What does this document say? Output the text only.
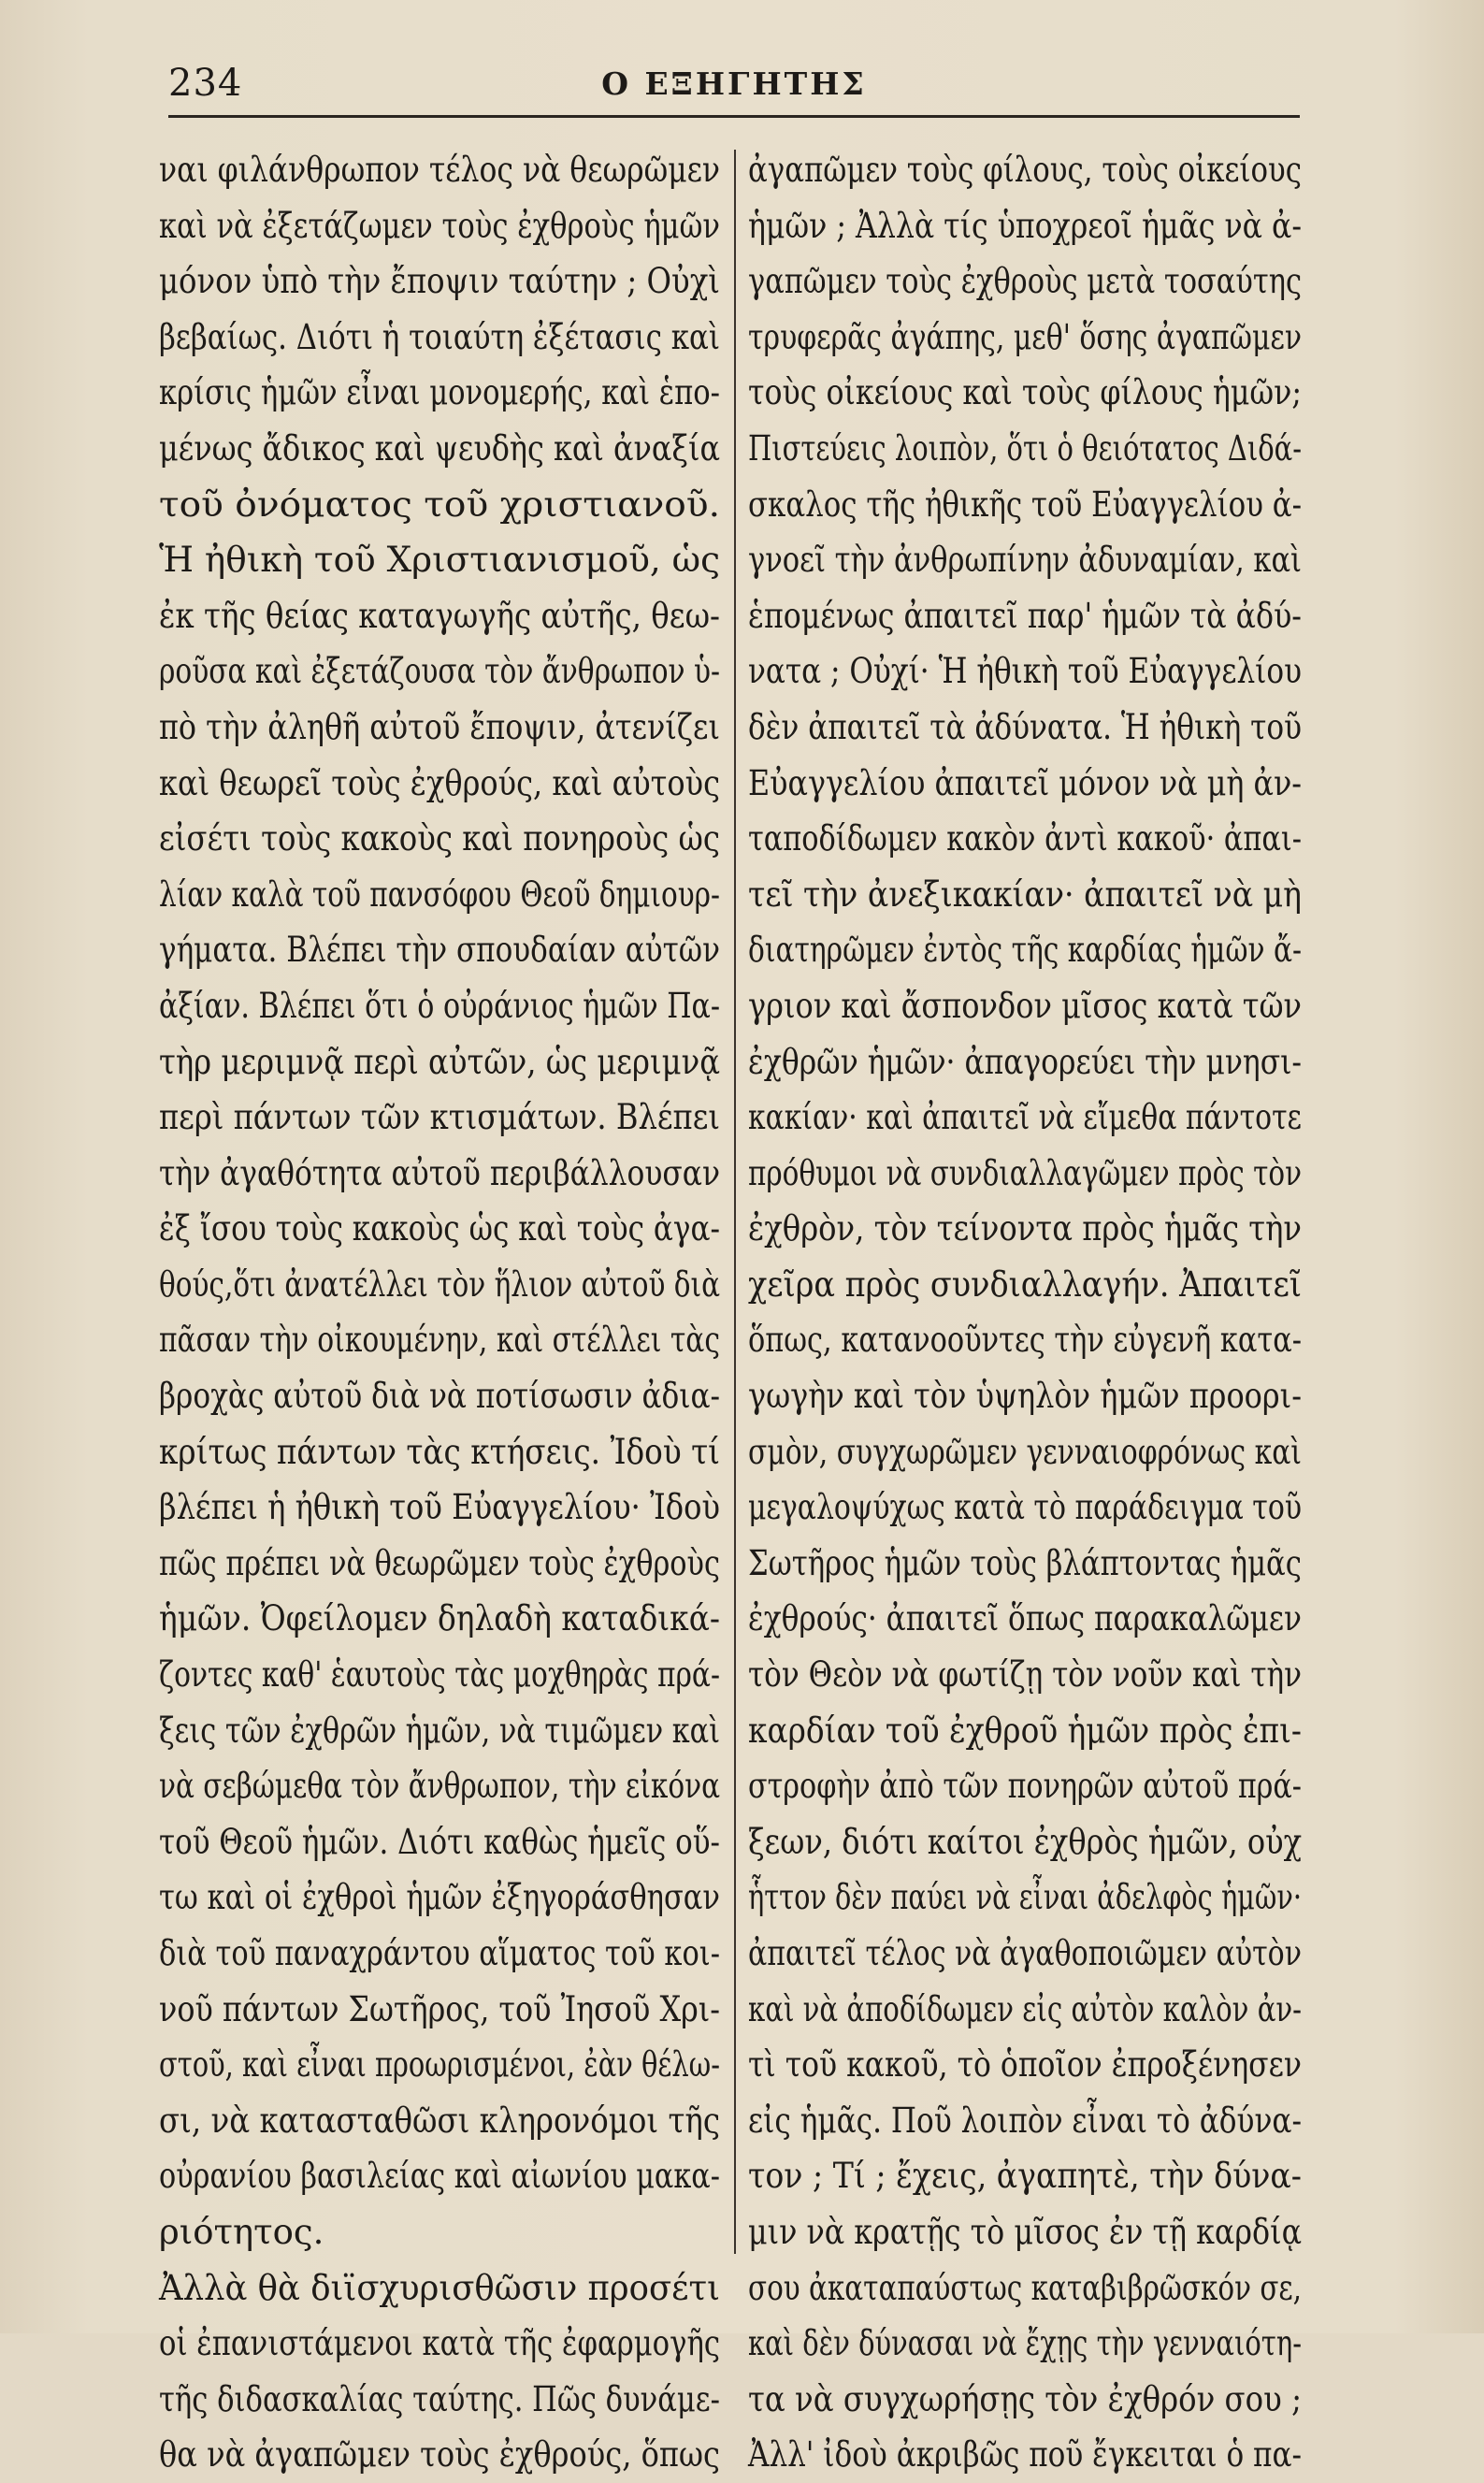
234	Ο ΕΞΗΓΗΤΗΣ
ναι φιλάνθρωπον τέλος νὰ θεωρῶμεν
καὶ νὰ ἐξετάζωμεν τοὺς ἐχθροὺς ἡμῶν
μόνον ὑπὸ τὴν ἔποψιν ταύτην ; Οὐχὶ
βεβαίως. Διότι ἡ τοιαύτη ἐξέτασις καὶ
κρίσις ἡμῶν εἶναι μονομερής, καὶ ἑπο-
μένως ἄδικος καὶ ψευδὴς καὶ ἀναξία
τοῦ ὀνόματος τοῦ χριστιανοῦ.
Ἡ ἠθικὴ τοῦ Χριστιανισμοῦ, ὡς
ἐκ τῆς θείας καταγωγῆς αὐτῆς, θεω-
ροῦσα καὶ ἐξετάζουσα τὸν ἄνθρωπον ὑ-
πὸ τὴν ἀληθῆ αὐτοῦ ἔποψιν, ἀτενίζει
καὶ θεωρεῖ τοὺς ἐχθρούς, καὶ αὐτοὺς
εἰσέτι τοὺς κακοὺς καὶ πονηροὺς ὡς
λίαν καλὰ τοῦ πανσόφου Θεοῦ δημιουρ-
γήματα. Βλέπει τὴν σπουδαίαν αὐτῶν
ἀξίαν. Βλέπει ὅτι ὁ οὐράνιος ἡμῶν Πα-
τὴρ μεριμνᾷ περὶ αὐτῶν, ὡς μεριμνᾷ
περὶ πάντων τῶν κτισμάτων. Βλέπει
τὴν ἀγαθότητα αὐτοῦ περιβάλλουσαν
ἐξ ἴσου τοὺς κακοὺς ὡς καὶ τοὺς ἀγα-
θούς,ὅτι ἀνατέλλει τὸν ἥλιον αὐτοῦ διὰ
πᾶσαν τὴν οἰκουμένην, καὶ στέλλει τὰς
βροχὰς αὐτοῦ διὰ νὰ ποτίσωσιν ἀδια-
κρίτως πάντων τὰς κτήσεις. Ἰδοὺ τί
βλέπει ἡ ἠθικὴ τοῦ Εὐαγγελίου· Ἰδοὺ
πῶς πρέπει νὰ θεωρῶμεν τοὺς ἐχθροὺς
ἡμῶν. Ὀφείλομεν δηλαδὴ καταδικά-
ζοντες καθ' ἑαυτοὺς τὰς μοχθηρὰς πρά-
ξεις τῶν ἐχθρῶν ἡμῶν, νὰ τιμῶμεν καὶ
νὰ σεβώμεθα τὸν ἄνθρωπον, τὴν εἰκόνα
τοῦ Θεοῦ ἡμῶν. Διότι καθὼς ἡμεῖς οὕ-
τω καὶ οἱ ἐχθροὶ ἡμῶν ἐξηγοράσθησαν
διὰ τοῦ παναχράντου αἵματος τοῦ κοι-
νοῦ πάντων Σωτῆρος, τοῦ Ἰησοῦ Χρι-
στοῦ, καὶ εἶναι προωρισμένοι, ἐὰν θέλω-
σι, νὰ κατασταθῶσι κληρονόμοι τῆς
οὐρανίου βασιλείας καὶ αἰωνίου μακα-
ριότητος.
Ἀλλὰ θὰ διϊσχυρισθῶσιν προσέτι
οἱ ἐπανιστάμενοι κατὰ τῆς ἐφαρμογῆς
τῆς διδασκαλίας ταύτης. Πῶς δυνάμε-
θα νὰ ἀγαπῶμεν τοὺς ἐχθρούς, ὅπως
ἀγαπῶμεν τοὺς φίλους, τοὺς οἰκείους
ἡμῶν ; Ἀλλὰ τίς ὑποχρεοῖ ἡμᾶς νὰ ἀ-
γαπῶμεν τοὺς ἐχθροὺς μετὰ τοσαύτης
τρυφερᾶς ἀγάπης, μεθ' ὅσης ἀγαπῶμεν
τοὺς οἰκείους καὶ τοὺς φίλους ἡμῶν;
Πιστεύεις λοιπὸν, ὅτι ὁ θειότατος Διδά-
σκαλος τῆς ἠθικῆς τοῦ Εὐαγγελίου ἀ-
γνοεῖ τὴν ἀνθρωπίνην ἀδυναμίαν, καὶ
ἑπομένως ἀπαιτεῖ παρ' ἡμῶν τὰ ἀδύ-
νατα ; Οὐχί· Ἡ ἠθικὴ τοῦ Εὐαγγελίου
δὲν ἀπαιτεῖ τὰ ἀδύνατα. Ἡ ἠθικὴ τοῦ
Εὐαγγελίου ἀπαιτεῖ μόνον νὰ μὴ ἀν-
ταποδίδωμεν κακὸν ἀντὶ κακοῦ· ἀπαι-
τεῖ τὴν ἀνεξικακίαν· ἀπαιτεῖ νὰ μὴ
διατηρῶμεν ἐντὸς τῆς καρδίας ἡμῶν ἄ-
γριον καὶ ἄσπονδον μῖσος κατὰ τῶν
ἐχθρῶν ἡμῶν· ἀπαγορεύει τὴν μνησι-
κακίαν· καὶ ἀπαιτεῖ νὰ εἴμεθα πάντοτε
πρόθυμοι νὰ συνδιαλλαγῶμεν πρὸς τὸν
ἐχθρὸν, τὸν τείνοντα πρὸς ἡμᾶς τὴν
χεῖρα πρὸς συνδιαλλαγήν. Ἀπαιτεῖ
ὅπως, κατανοοῦντες τὴν εὐγενῆ κατα-
γωγὴν καὶ τὸν ὑψηλὸν ἡμῶν προορι-
σμὸν, συγχωρῶμεν γενναιοφρόνως καὶ
μεγαλοψύχως κατὰ τὸ παράδειγμα τοῦ
Σωτῆρος ἡμῶν τοὺς βλάπτοντας ἡμᾶς
ἐχθρούς· ἀπαιτεῖ ὅπως παρακαλῶμεν
τὸν Θεὸν νὰ φωτίζῃ τὸν νοῦν καὶ τὴν
καρδίαν τοῦ ἐχθροῦ ἡμῶν πρὸς ἐπι-
στροφὴν ἀπὸ τῶν πονηρῶν αὐτοῦ πρά-
ξεων, διότι καίτοι ἐχθρὸς ἡμῶν, οὐχ
ἧττον δὲν παύει νὰ εἶναι ἀδελφὸς ἡμῶν·
ἀπαιτεῖ τέλος νὰ ἀγαθοποιῶμεν αὐτὸν
καὶ νὰ ἀποδίδωμεν εἰς αὐτὸν καλὸν ἀν-
τὶ τοῦ κακοῦ, τὸ ὁποῖον ἐπροξένησεν
εἰς ἡμᾶς. Ποῦ λοιπὸν εἶναι τὸ ἀδύνα-
τον ; Τί ; ἔχεις, ἀγαπητὲ, τὴν δύνα-
μιν νὰ κρατῇς τὸ μῖσος ἐν τῇ καρδίᾳ
σου ἀκαταπαύστως καταβιβρῶσκόν σε,
καὶ δὲν δύνασαι νὰ ἔχῃς τὴν γενναιότη-
τα νὰ συγχωρήσῃς τὸν ἐχθρόν σου ;
Ἀλλ' ἰδοὺ ἀκριβῶς ποῦ ἔγκειται ὁ πα-
